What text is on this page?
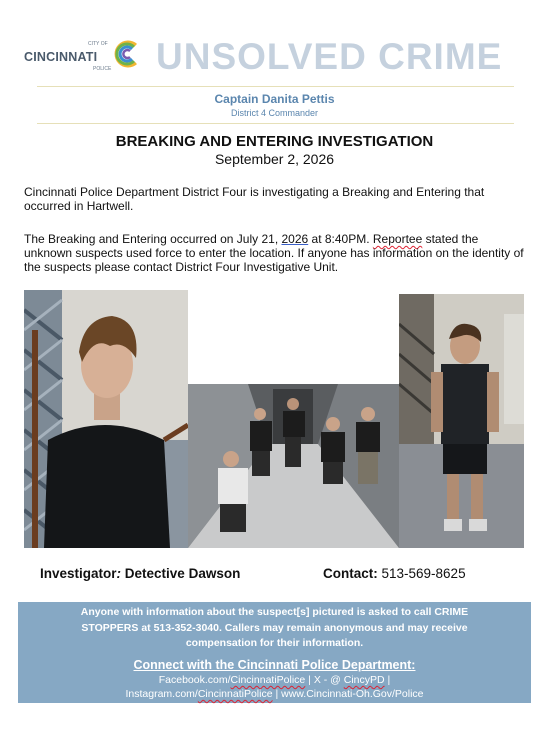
CITY OF
CINCINNATI
POLICE UNSOLVED CRIME
Captain Danita Pettis
District 4 Commander
BREAKING AND ENTERING INVESTIGATION
September 2, 2026
Cincinnati Police Department District Four is investigating a Breaking and Entering that occurred in Hartwell.
The Breaking and Entering occurred on July 21, 2026 at 8:40PM. Reportee stated the unknown suspects used force to enter the location. If anyone has information on the identity of the suspects please contact District Four Investigative Unit.
Investigator: Detective Dawson	Contact: 513-569-8625
Anyone with information about the suspect[s] pictured is asked to call CRIME
STOPPERS at 513-352-3040. Callers may remain anonymous and may receive
compensation for their information.
Connect with the Cincinnati Police Department:
Facebook.com/CincinnatiPolice | X - @ CincyPD |
Instagram.com/CincinnatiPolice | www.Cincinnati-Oh.Gov/Police
